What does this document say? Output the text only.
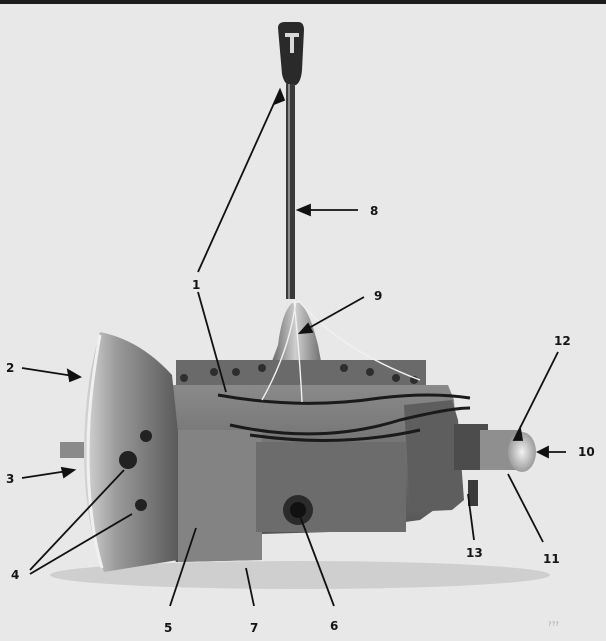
1
2
3
4
5	6
7
8
9
10
11
12
13
???
